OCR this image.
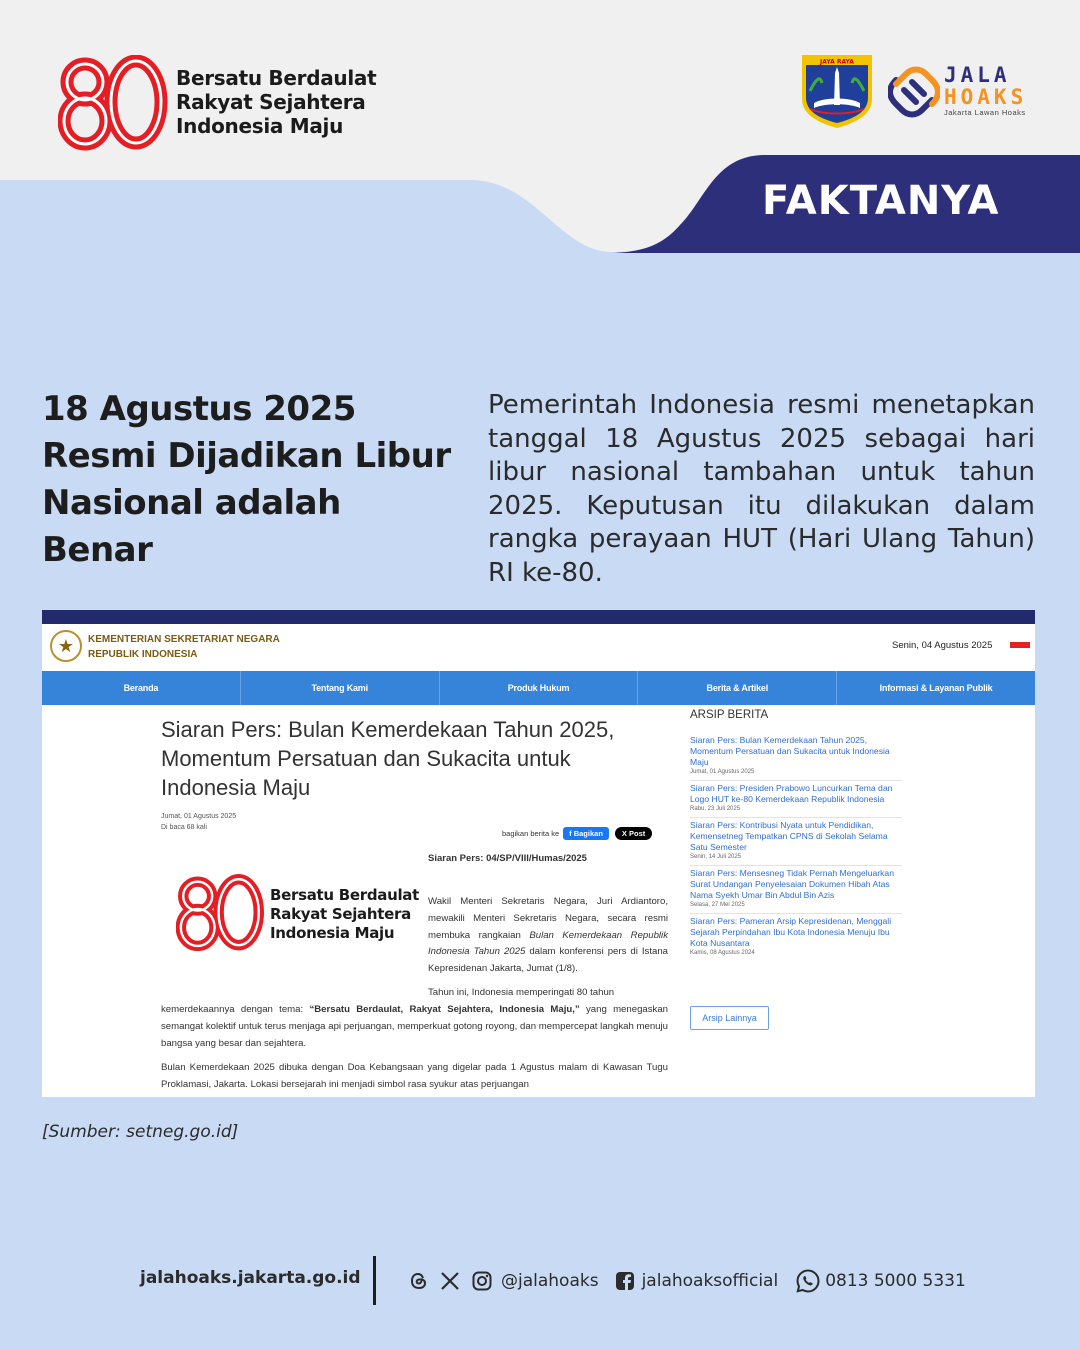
Bersatu Berdaulat
Rakyat Sejahtera
Indonesia Maju
JAYA RAYA
JALA
HOAKS
Jakarta Lawan Hoaks
FAKTANYA
18 Agustus 2025 Resmi Dijadikan Libur Nasional adalah Benar
Pemerintah Indonesia resmi menetapkan tanggal 18 Agustus 2025 sebagai hari libur nasional tambahan untuk tahun 2025. Keputusan itu dilakukan dalam rangka perayaan HUT (Hari Ulang Tahun) RI ke-80.
★	KEMENTERIAN SEKRETARIAT NEGARA
REPUBLIK INDONESIA
Senin, 04 Agustus 2025
Beranda	Tentang Kami	Produk Hukum	Berita & Artikel	Informasi & Layanan Publik
Siaran Pers: Bulan Kemerdekaan Tahun 2025, Momentum Persatuan dan Sukacita untuk Indonesia Maju
Jumat, 01 Agustus 2025
Di baca 68 kali
bagikan berita ke	f Bagikan	X Post
Siaran Pers: 04/SP/VIII/Humas/2025
Bersatu Berdaulat
Rakyat Sejahtera
Indonesia Maju
Wakil Menteri Sekretaris Negara, Juri Ardiantoro, mewakili Menteri Sekretaris Negara, secara resmi membuka rangkaian Bulan Kemerdekaan Republik Indonesia Tahun 2025 dalam konferensi pers di Istana Kepresidenan Jakarta, Jumat (1/8).
Tahun ini, Indonesia memperingati 80 tahun
kemerdekaannya dengan tema: “Bersatu Berdaulat, Rakyat Sejahtera, Indonesia Maju,” yang menegaskan semangat kolektif untuk terus menjaga api perjuangan, memperkuat gotong royong, dan mempercepat langkah menuju bangsa yang besar dan sejahtera.
Bulan Kemerdekaan 2025 dibuka dengan Doa Kebangsaan yang digelar pada 1 Agustus malam di Kawasan Tugu Proklamasi, Jakarta. Lokasi bersejarah ini menjadi simbol rasa syukur atas perjuangan
ARSIP BERITA
Siaran Pers: Bulan Kemerdekaan Tahun 2025, Momentum Persatuan dan Sukacita untuk Indonesia Maju
Jumat, 01 Agustus 2025
Siaran Pers: Presiden Prabowo Luncurkan Tema dan Logo HUT ke-80 Kemerdekaan Republik Indonesia
Rabu, 23 Juli 2025
Siaran Pers: Kontribusi Nyata untuk Pendidikan, Kemensetneg Tempatkan CPNS di Sekolah Selama Satu Semester
Senin, 14 Juli 2025
Siaran Pers: Mensesneg Tidak Pernah Mengeluarkan Surat Undangan Penyelesaian Dokumen Hibah Atas Nama Syekh Umar Bin Abdul Bin Azis
Selasa, 27 Mei 2025
Siaran Pers: Pameran Arsip Kepresidenan, Menggali Sejarah Perpindahan Ibu Kota Indonesia Menuju Ibu Kota Nusantara
Kamis, 08 Agustus 2024
Arsip Lainnya
[Sumber: setneg.go.id]
jalahoaks.jakarta.go.id	@jalahoaks	jalahoaksofficial	0813 5000 5331
